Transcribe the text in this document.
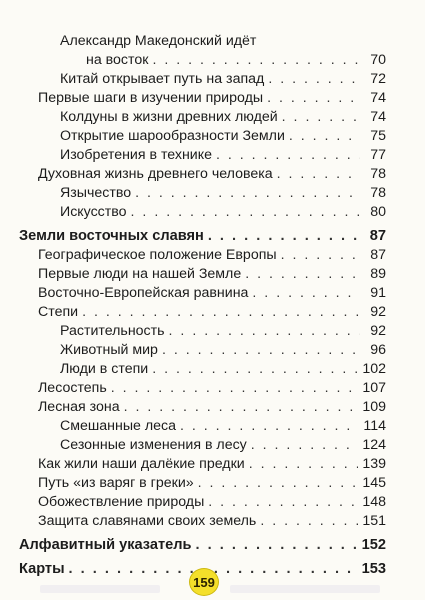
Александр Македонский идёт
на восток . . .	70
Китай открывает путь на запад . . .	72
Первые шаги в изучении природы . . .	74
Колдуны в жизни древних людей . . .	74
Открытие шарообразности Земли . . .	75
Изобретения в технике . . .	77
Духовная жизнь древнего человека . . .	78
Язычество . . .	78
Искусство . . .	80
Земли восточных славян . . .	87
Географическое положение Европы . . .	87
Первые люди на нашей Земле . . .	89
Восточно-Европейская равнина . . .	91
Степи . . .	92
Растительность . . .	92
Животный мир . . .	96
Люди в степи . . .	102
Лесостепь . . .	107
Лесная зона . . .	109
Смешанные леса . . .	114
Сезонные изменения в лесу . . .	124
Как жили наши далёкие предки . . .	139
Путь «из варяг в греки» . . .	145
Обожествление природы . . .	148
Защита славянами своих земель . . .	151
Алфавитный указатель . . .	152
Карты . . .	153
159
